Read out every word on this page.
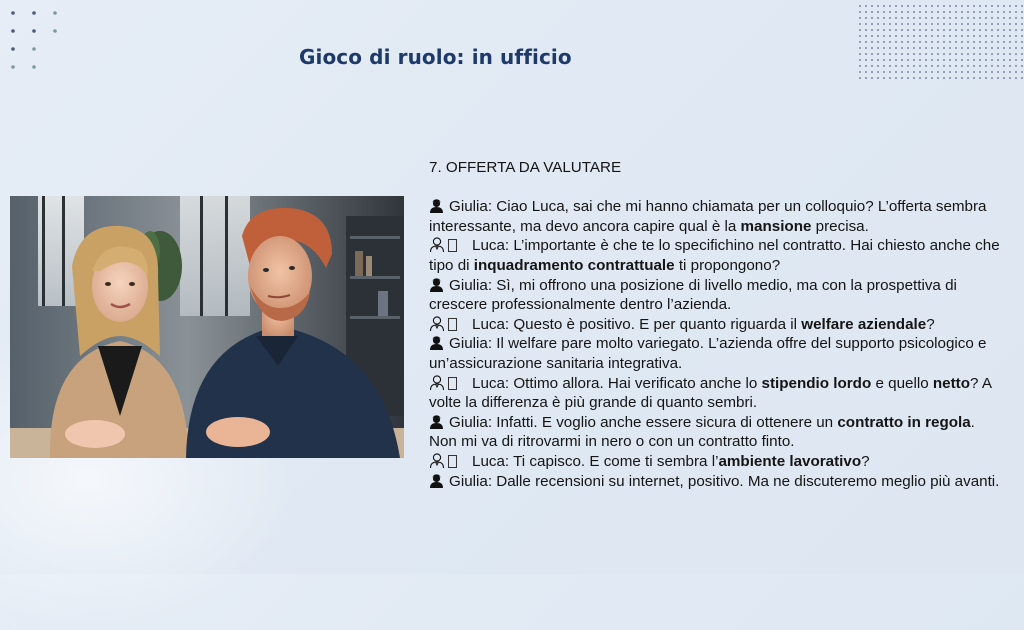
Gioco di ruolo: in ufficio

7. OFFERTA DA VALUTARE

Giulia: Ciao Luca, sai che mi hanno chiamata per un colloquio? L’offerta sembra interessante, ma devo ancora capire qual è la mansione precisa.

Luca: L’importante è che te lo specifichino nel contratto. Hai chiesto anche che tipo di inquadramento contrattuale ti propongono?

Giulia: Sì, mi offrono una posizione di livello medio, ma con la prospettiva di crescere professionalmente dentro l’azienda.

Luca: Questo è positivo. E per quanto riguarda il welfare aziendale?

Giulia: Il welfare pare molto variegato. L’azienda offre del supporto psicologico e un’assicurazione sanitaria integrativa.

Luca: Ottimo allora. Hai verificato anche lo stipendio lordo e quello netto? A volte la differenza è più grande di quanto sembri.

Giulia: Infatti. E voglio anche essere sicura di ottenere un contratto in regola. Non mi va di ritrovarmi in nero o con un contratto finto.

Luca: Ti capisco. E come ti sembra l’ambiente lavorativo?

Giulia: Dalle recensioni su internet, positivo. Ma ne discuteremo meglio più avanti.
